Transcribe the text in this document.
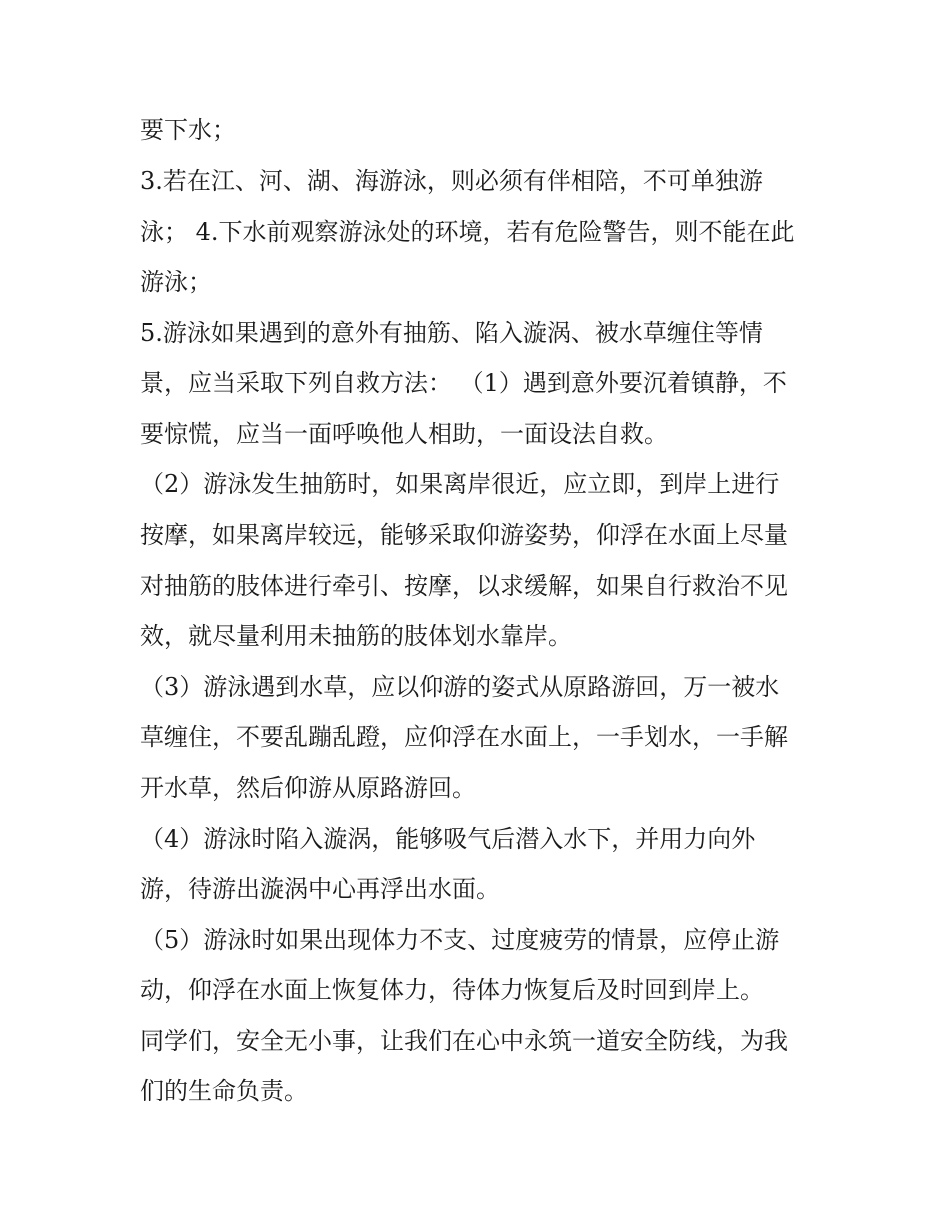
要下水；
3.若在江、河、湖、海游泳，则必须有伴相陪，不可单独游
泳； 4.下水前观察游泳处的环境，若有危险警告，则不能在此
游泳；
5.游泳如果遇到的意外有抽筋、陷入漩涡、被水草缠住等情
景，应当采取下列自救方法： （1）遇到意外要沉着镇静，不
要惊慌，应当一面呼唤他人相助，一面设法自救。
（2）游泳发生抽筋时，如果离岸很近，应立即，到岸上进行
按摩，如果离岸较远，能够采取仰游姿势，仰浮在水面上尽量
对抽筋的肢体进行牵引、按摩，以求缓解，如果自行救治不见
效，就尽量利用未抽筋的肢体划水靠岸。
（3）游泳遇到水草，应以仰游的姿式从原路游回，万一被水
草缠住，不要乱蹦乱蹬，应仰浮在水面上，一手划水，一手解
开水草，然后仰游从原路游回。
（4）游泳时陷入漩涡，能够吸气后潜入水下，并用力向外
游，待游出漩涡中心再浮出水面。
（5）游泳时如果出现体力不支、过度疲劳的情景，应停止游
动，仰浮在水面上恢复体力，待体力恢复后及时回到岸上。
同学们，安全无小事，让我们在心中永筑一道安全防线，为我
们的生命负责。
